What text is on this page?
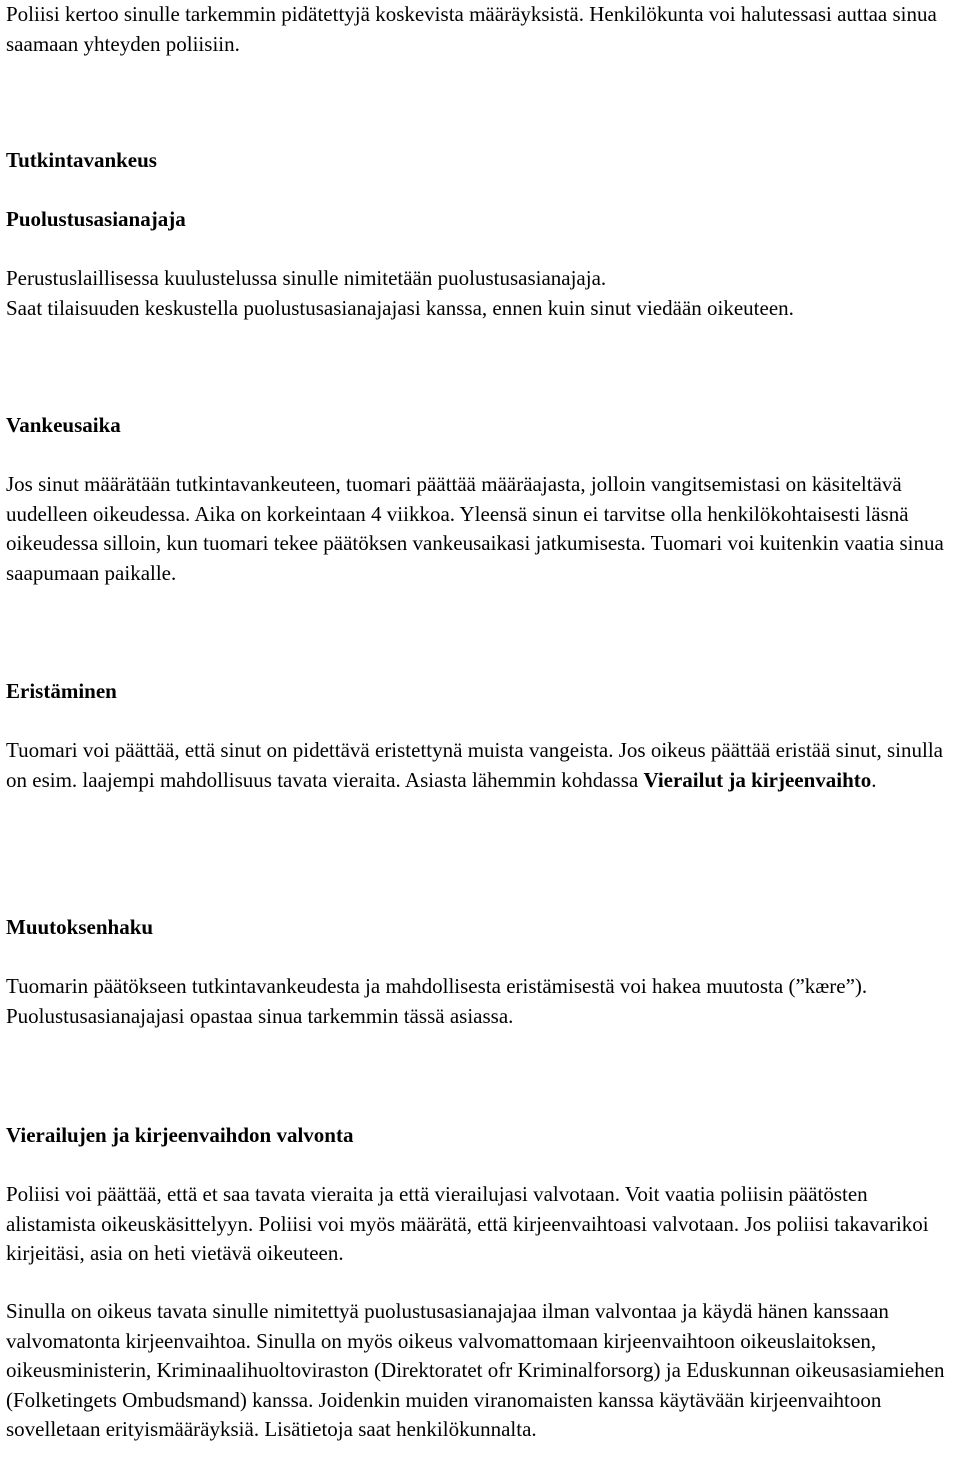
Poliisi kertoo sinulle tarkemmin pidätettyjä koskevista määräyksistä. Henkilökunta voi halutessasi auttaa sinua saamaan yhteyden poliisiin.

Tutkintavankeus

Puolustusasianajaja

Perustuslaillisessa kuulustelussa sinulle nimitetään puolustusasianajaja.

Saat tilaisuuden keskustella puolustusasianajajasi kanssa, ennen kuin sinut viedään oikeuteen.

Vankeusaika

Jos sinut määrätään tutkintavankeuteen, tuomari päättää määräajasta, jolloin vangitsemistasi on käsiteltävä uudelleen oikeudessa. Aika on korkeintaan 4 viikkoa. Yleensä sinun ei tarvitse olla henkilökohtaisesti läsnä oikeudessa silloin, kun tuomari tekee päätöksen vankeusaikasi jatkumisesta. Tuomari voi kuitenkin vaatia sinua saapumaan paikalle.

Eristäminen

Tuomari voi päättää, että sinut on pidettävä eristettynä muista vangeista. Jos oikeus päättää eristää sinut, sinulla on esim. laajempi mahdollisuus tavata vieraita. Asiasta lähemmin kohdassa Vierailut ja kirjeenvaihto.

Muutoksenhaku

Tuomarin päätökseen tutkintavankeudesta ja mahdollisesta eristämisestä voi hakea muutosta (”kære”). Puolustusasianajajasi opastaa sinua tarkemmin tässä asiassa.

Vierailujen ja kirjeenvaihdon valvonta

Poliisi voi päättää, että et saa tavata vieraita ja että vierailujasi valvotaan. Voit vaatia poliisin päätösten alistamista oikeuskäsittelyyn. Poliisi voi myös määrätä, että kirjeenvaihtoasi valvotaan. Jos poliisi takavarikoi kirjeitäsi, asia on heti vietävä oikeuteen.

Sinulla on oikeus tavata sinulle nimitettyä puolustusasianajajaa ilman valvontaa ja käydä hänen kanssaan valvomatonta kirjeenvaihtoa. Sinulla on myös oikeus valvomattomaan kirjeenvaihtoon oikeuslaitoksen, oikeusministerin, Kriminaalihuoltoviraston (Direktoratet ofr Kriminalforsorg) ja Eduskunnan oikeusasiamiehen (Folketingets Ombudsmand) kanssa. Joidenkin muiden viranomaisten kanssa käytävään kirjeenvaihtoon sovelletaan erityismääräyksiä. Lisätietoja saat henkilökunnalta.
